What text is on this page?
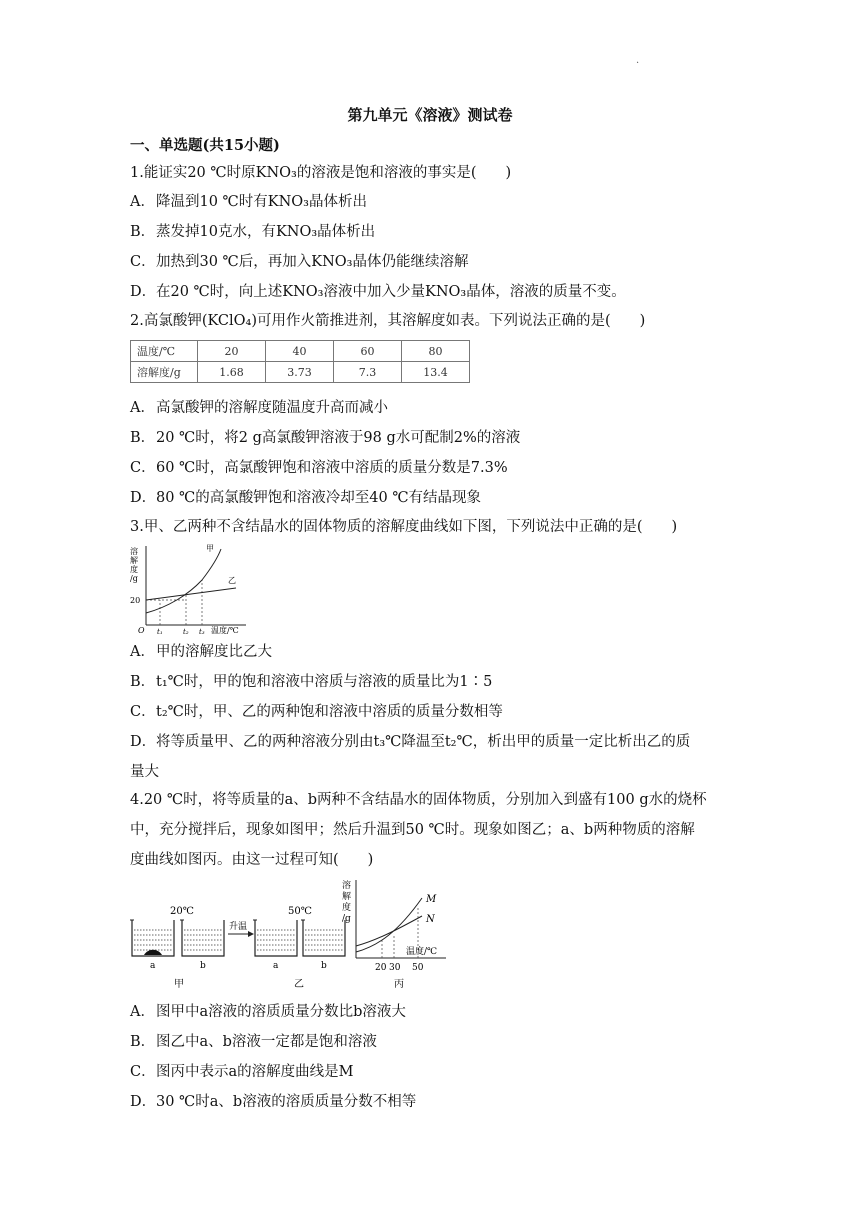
·
第九单元《溶液》测试卷
一、单选题(共15小题)
1.能证实20 ℃时原KNO₃的溶液是饱和溶液的事实是(　　)
A．降温到10 ℃时有KNO₃晶体析出
B．蒸发掉10克水，有KNO₃晶体析出
C．加热到30 ℃后，再加入KNO₃晶体仍能继续溶解
D．在20 ℃时，向上述KNO₃溶液中加入少量KNO₃晶体，溶液的质量不变。
2.高氯酸钾(KClO₄)可用作火箭推进剂，其溶解度如表。下列说法正确的是(　　)
温度/℃	20	40	60	80
溶解度/g	1.68	3.73	7.3	13.4
A．高氯酸钾的溶解度随温度升高而减小
B．20 ℃时，将2 g高氯酸钾溶液于98 g水可配制2%的溶液
C．60 ℃时，高氯酸钾饱和溶液中溶质的质量分数是7.3%
D．80 ℃的高氯酸钾饱和溶液冷却至40 ℃有结晶现象
3.甲、乙两种不含结晶水的固体物质的溶解度曲线如下图，下列说法中正确的是(　　)
溶
解
度
/g
20
O t₁	t₂ t₃ 温度/℃
甲
乙
A．甲的溶解度比乙大
B．t₁℃时，甲的饱和溶液中溶质与溶液的质量比为1∶5
C．t₂℃时，甲、乙的两种饱和溶液中溶质的质量分数相等
D．将等质量甲、乙的两种溶液分别由t₃℃降温至t₂℃，析出甲的质量一定比析出乙的质
量大
4.20 ℃时，将等质量的a、b两种不含结晶水的固体物质，分别加入到盛有100 g水的烧杯
中，充分搅拌后，现象如图甲；然后升温到50 ℃时。现象如图乙；a、b两种物质的溶解
度曲线如图丙。由这一过程可知(　　)
20℃
a	b
甲
升温
50℃
a	b
乙
溶
解
度
/g
M
N
温度/℃
20 30 50
丙
A．图甲中a溶液的溶质质量分数比b溶液大
B．图乙中a、b溶液一定都是饱和溶液
C．图丙中表示a的溶解度曲线是M
D．30 ℃时a、b溶液的溶质质量分数不相等
